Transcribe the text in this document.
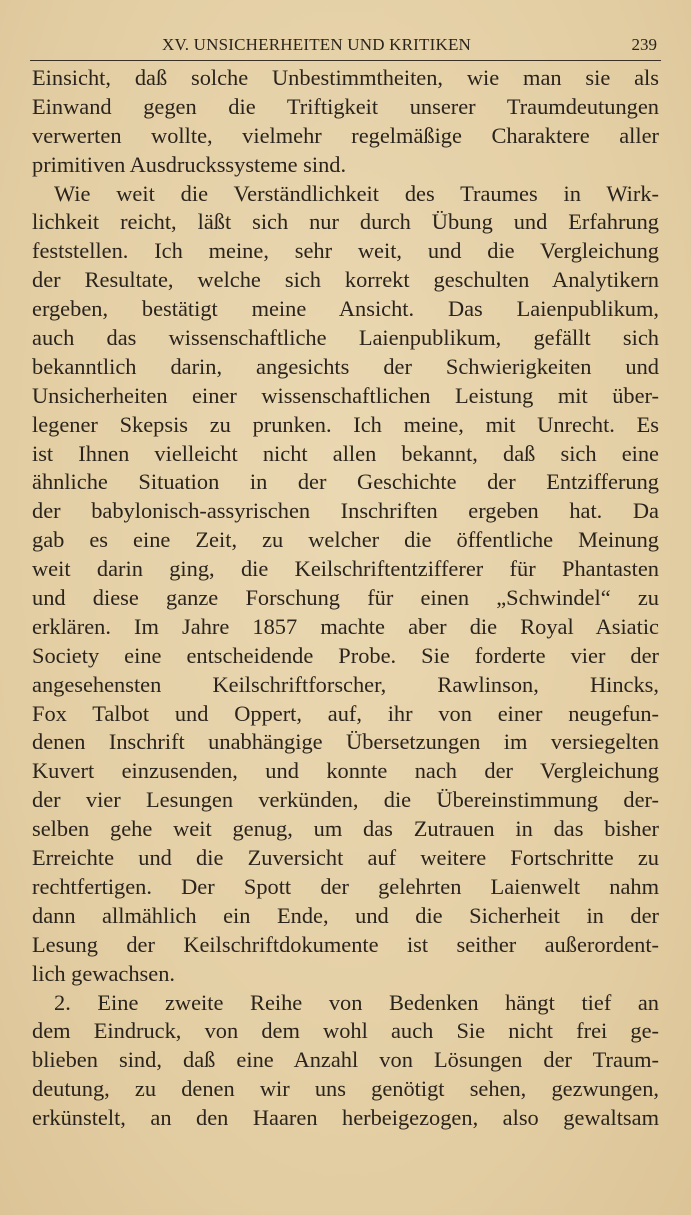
XV. UNSICHERHEITEN UND KRITIKEN	239
Einsicht, daß solche Unbestimmtheiten, wie man sie als
Einwand gegen die Triftigkeit unserer Traumdeutungen
verwerten wollte, vielmehr regelmäßige Charaktere aller
primitiven Ausdruckssysteme sind.
Wie weit die Verständlichkeit des Traumes in Wirk-
lichkeit reicht, läßt sich nur durch Übung und Erfahrung
feststellen. Ich meine, sehr weit, und die Vergleichung
der Resultate, welche sich korrekt geschulten Analytikern
ergeben, bestätigt meine Ansicht. Das Laienpublikum,
auch das wissenschaftliche Laienpublikum, gefällt sich
bekanntlich darin, angesichts der Schwierigkeiten und
Unsicherheiten einer wissenschaftlichen Leistung mit über-
legener Skepsis zu prunken. Ich meine, mit Unrecht. Es
ist Ihnen vielleicht nicht allen bekannt, daß sich eine
ähnliche Situation in der Geschichte der Entzifferung
der babylonisch-assyrischen Inschriften ergeben hat. Da
gab es eine Zeit, zu welcher die öffentliche Meinung
weit darin ging, die Keilschriftentzifferer für Phantasten
und diese ganze Forschung für einen „Schwindel“ zu
erklären. Im Jahre 1857 machte aber die Royal Asiatic
Society eine entscheidende Probe. Sie forderte vier der
angesehensten Keilschriftforscher, Rawlinson, Hincks,
Fox Talbot und Oppert, auf, ihr von einer neugefun-
denen Inschrift unabhängige Übersetzungen im versiegelten
Kuvert einzusenden, und konnte nach der Vergleichung
der vier Lesungen verkünden, die Übereinstimmung der-
selben gehe weit genug, um das Zutrauen in das bisher
Erreichte und die Zuversicht auf weitere Fortschritte zu
rechtfertigen. Der Spott der gelehrten Laienwelt nahm
dann allmählich ein Ende, und die Sicherheit in der
Lesung der Keilschriftdokumente ist seither außerordent-
lich gewachsen.
2. Eine zweite Reihe von Bedenken hängt tief an
dem Eindruck, von dem wohl auch Sie nicht frei ge-
blieben sind, daß eine Anzahl von Lösungen der Traum-
deutung, zu denen wir uns genötigt sehen, gezwungen,
erkünstelt, an den Haaren herbeigezogen, also gewaltsam
